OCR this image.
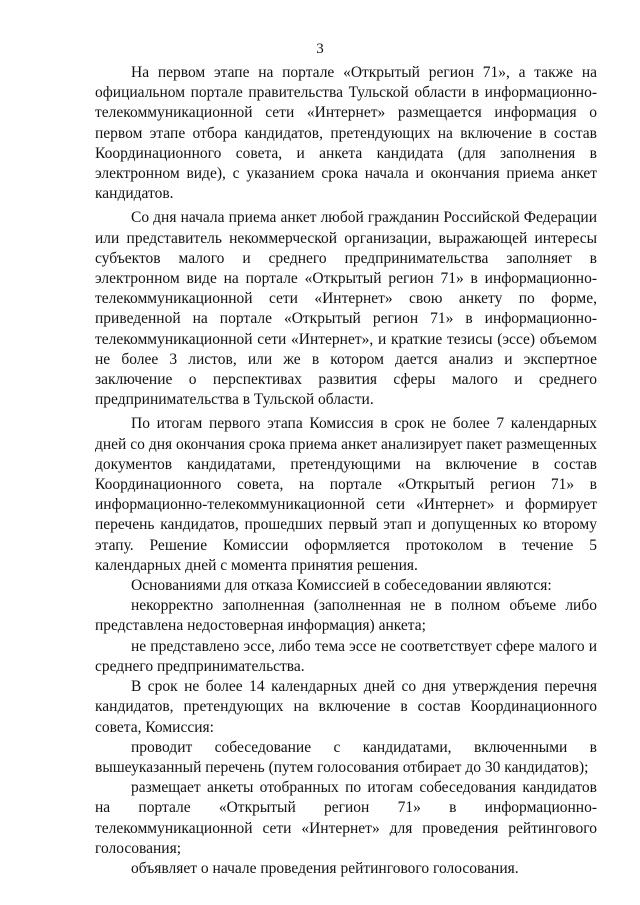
3

На первом этапе на портале «Открытый регион 71», а также на официальном портале правительства Тульской области в информационно-телекоммуникационной сети «Интернет» размещается информация о первом этапе отбора кандидатов, претендующих на включение в состав Координационного совета, и анкета кандидата (для заполнения в электронном виде), с указанием срока начала и окончания приема анкет кандидатов.

Со дня начала приема анкет любой гражданин Российской Федерации или представитель некоммерческой организации, выражающей интересы субъектов малого и среднего предпринимательства заполняет в электронном виде на портале «Открытый регион 71» в информационно-телекоммуникационной сети «Интернет» свою анкету по форме, приведенной на портале «Открытый регион 71» в информационно-телекоммуникационной сети «Интернет», и краткие тезисы (эссе) объемом не более 3 листов, или же в котором дается анализ и экспертное заключение о перспективах развития сферы малого и среднего предпринимательства в Тульской области.

По итогам первого этапа Комиссия в срок не более 7 календарных дней со дня окончания срока приема анкет анализирует пакет размещенных документов кандидатами, претендующими на включение в состав Координационного совета, на портале «Открытый регион 71» в информационно-телекоммуникационной сети «Интернет» и формирует перечень кандидатов, прошедших первый этап и допущенных ко второму этапу. Решение Комиссии оформляется протоколом в течение 5 календарных дней с момента принятия решения.

Основаниями для отказа Комиссией в собеседовании являются:

некорректно заполненная (заполненная не в полном объеме либо представлена недостоверная информация) анкета;

не представлено эссе, либо тема эссе не соответствует сфере малого и среднего предпринимательства.

В срок не более 14 календарных дней со дня утверждения перечня кандидатов, претендующих на включение в состав Координационного совета, Комиссия:

проводит собеседование с кандидатами, включенными в вышеуказанный перечень (путем голосования отбирает до 30 кандидатов);

размещает анкеты отобранных по итогам собеседования кандидатов на портале «Открытый регион 71» в информационно-телекоммуникационной сети «Интернет» для проведения рейтингового голосования;

объявляет о начале проведения рейтингового голосования.
